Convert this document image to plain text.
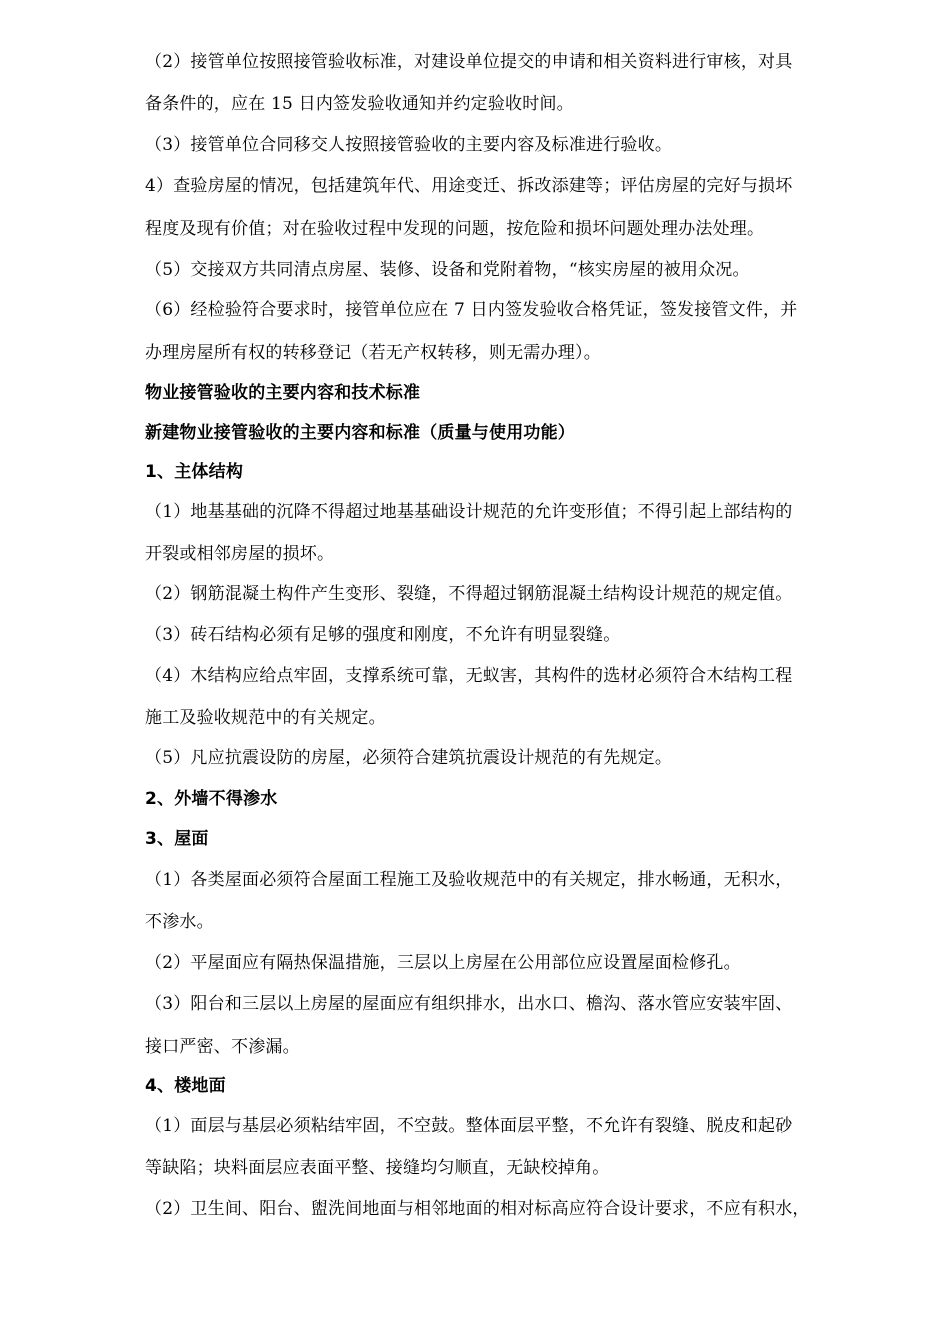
（2）接管单位按照接管验收标准，对建设单位提交的申请和相关资料进行审核，对具
备条件的，应在 15 日内签发验收通知并约定验收时间。
（3）接管单位合同移交人按照接管验收的主要内容及标准进行验收。
4）查验房屋的情况，包括建筑年代、用途变迁、拆改添建等；评估房屋的完好与损坏
程度及现有价值；对在验收过程中发现的问题，按危险和损坏问题处理办法处理。
（5）交接双方共同清点房屋、装修、设备和党附着物，“核实房屋的被用众况。
（6）经检验符合要求时，接管单位应在 7 日内签发验收合格凭证，签发接管文件，并
办理房屋所有权的转移登记（若无产权转移，则无需办理）。
物业接管验收的主要内容和技术标准
新建物业接管验收的主要内容和标准（质量与使用功能）
1、主体结构
（1）地基基础的沉降不得超过地基基础设计规范的允许变形值；不得引起上部结构的
开裂或相邻房屋的损坏。
（2）钢筋混凝土构件产生变形、裂缝，不得超过钢筋混凝土结构设计规范的规定值。
（3）砖石结构必须有足够的强度和刚度，不允许有明显裂缝。
（4）木结构应给点牢固，支撑系统可靠，无蚁害，其构件的选材必须符合木结构工程
施工及验收规范中的有关规定。
（5）凡应抗震设防的房屋，必须符合建筑抗震设计规范的有先规定。
2、外墙不得渗水
3、屋面
（1）各类屋面必须符合屋面工程施工及验收规范中的有关规定，排水畅通，无积水，
不渗水。
（2）平屋面应有隔热保温措施，三层以上房屋在公用部位应设置屋面检修孔。
（3）阳台和三层以上房屋的屋面应有组织排水，出水口、檐沟、落水管应安装牢固、
接口严密、不渗漏。
4、楼地面
（1）面层与基层必须粘结牢固，不空鼓。整体面层平整，不允许有裂缝、脱皮和起砂
等缺陷；块料面层应表面平整、接缝均匀顺直，无缺校掉角。
（2）卫生间、阳台、盥洗间地面与相邻地面的相对标高应符合设计要求，不应有积水，
